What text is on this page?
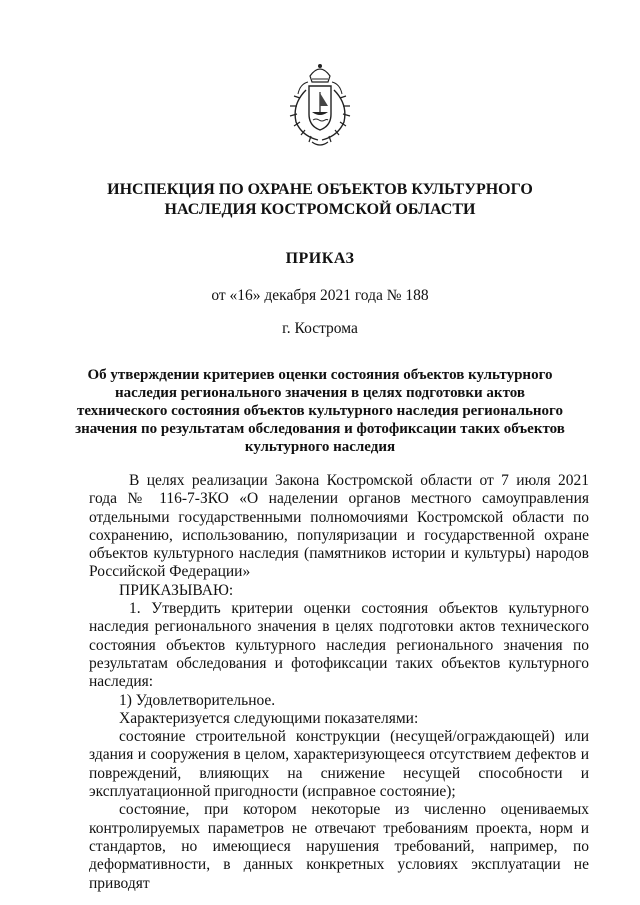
ИНСПЕКЦИЯ ПО ОХРАНЕ ОБЪЕКТОВ КУЛЬТУРНОГО
НАСЛЕДИЯ КОСТРОМСКОЙ ОБЛАСТИ
ПРИКАЗ
от «16» декабря 2021 года № 188
г. Кострома
Об утверждении критериев оценки состояния объектов культурного
наследия регионального значения в целях подготовки актов
технического состояния объектов культурного наследия регионального
значения по результатам обследования и фотофиксации таких объектов
культурного наследия

В целях реализации Закона Костромской области от 7 июля 2021 года № 116-7-ЗКО «О наделении органов местного самоуправления отдельными государственными полномочиями Костромской области по сохранению, использованию, популяризации и государственной охране объектов культурного наследия (памятников истории и культуры) народов Российской Федерации»

ПРИКАЗЫВАЮ:

1. Утвердить критерии оценки состояния объектов культурного наследия регионального значения в целях подготовки актов технического состояния объектов культурного наследия регионального значения по результатам обследования и фотофиксации таких объектов культурного наследия:

1) Удовлетворительное.

Характеризуется следующими показателями:

состояние строительной конструкции (несущей/ограждающей) или здания и сооружения в целом, характеризующееся отсутствием дефектов и повреждений, влияющих на снижение несущей способности и эксплуатационной пригодности (исправное состояние);

состояние, при котором некоторые из численно оцениваемых контролируемых параметров не отвечают требованиям проекта, норм и стандартов, но имеющиеся нарушения требований, например, по деформативности, в данных конкретных условиях эксплуатации не приводят
